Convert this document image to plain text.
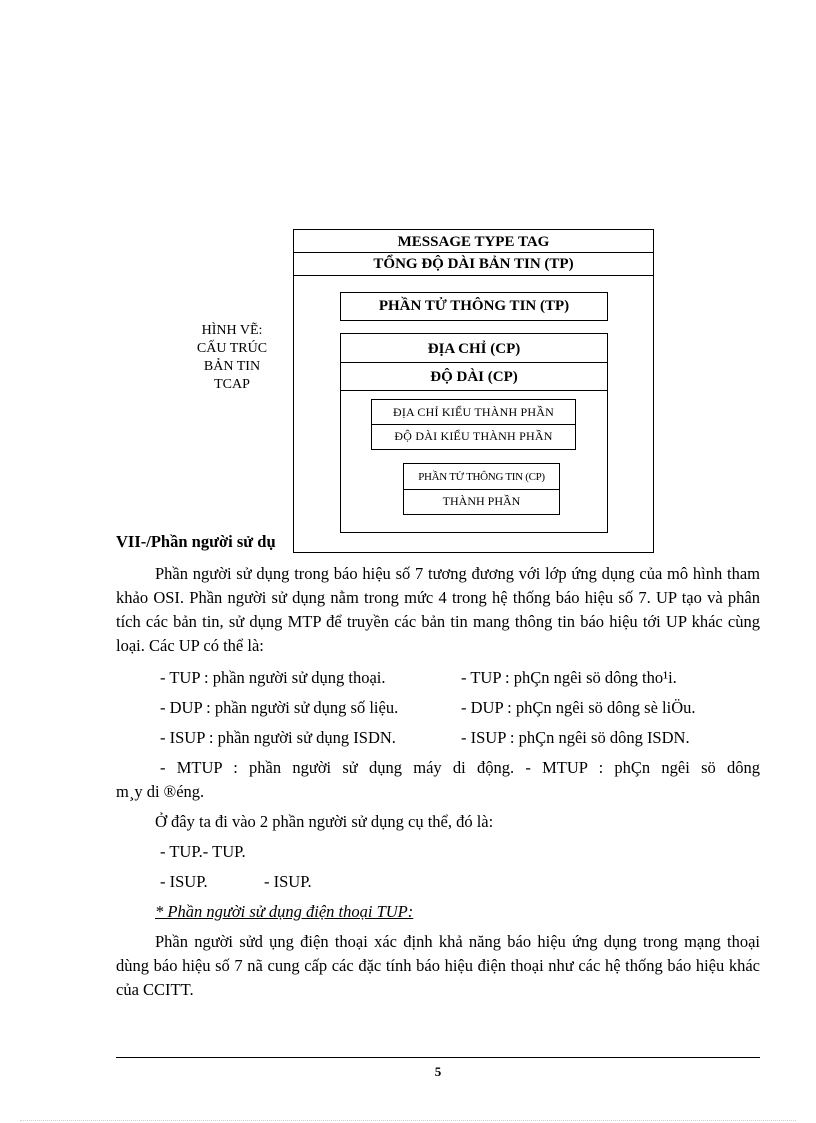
HÌNH VẼ:
CẤU TRÚC
BẢN TIN
TCAP
MESSAGE TYPE TAG
TỔNG ĐỘ DÀI BẢN TIN (TP)
PHẦN TỬ THÔNG TIN (TP)
ĐỊA CHỈ (CP)
ĐỘ DÀI (CP)
ĐỊA CHỈ KIỂU THÀNH PHẦN
ĐỘ DÀI KIỂU THÀNH PHẦN
PHẦN TỬ THÔNG TIN (CP)
THÀNH PHẦN
VII-/Phần người sử dụ
Phần người sử dụng trong báo hiệu số 7 tương đương với lớp ứng dụng của mô hình tham khảo OSI. Phần người sử dụng nằm trong mức 4 trong hệ thống báo hiệu số 7. UP tạo và phân tích các bản tin, sử dụng MTP để truyền các bản tin mang thông tin báo hiệu tới UP khác cùng loại. Các UP có thể là:
- TUP : phần người sử dụng thoại.	- TUP : phÇn ngêi sö dông tho¹i.
- DUP : phần người sử dụng số liệu.	- DUP : phÇn ngêi sö dông sè liÖu.
- ISUP : phần người sử dụng ISDN.	- ISUP : phÇn ngêi sö dông ISDN.
- MTUP : phần người sử dụng máy di động. - MTUP : phÇn ngêi sö dông
m¸y di ®éng.
Ở đây ta đi vào 2 phần người sử dụng cụ thể, đó là:
- TUP.- TUP.
- ISUP.	- ISUP.
* Phần người sử dụng điện thoại TUP:
Phần người sửd ụng điện thoại xác định khả năng báo hiệu ứng dụng trong mạng thoại dùng báo hiệu số 7 nã cung cấp các đặc tính báo hiệu điện thoại như các hệ thống báo hiệu khác của CCITT.
5
